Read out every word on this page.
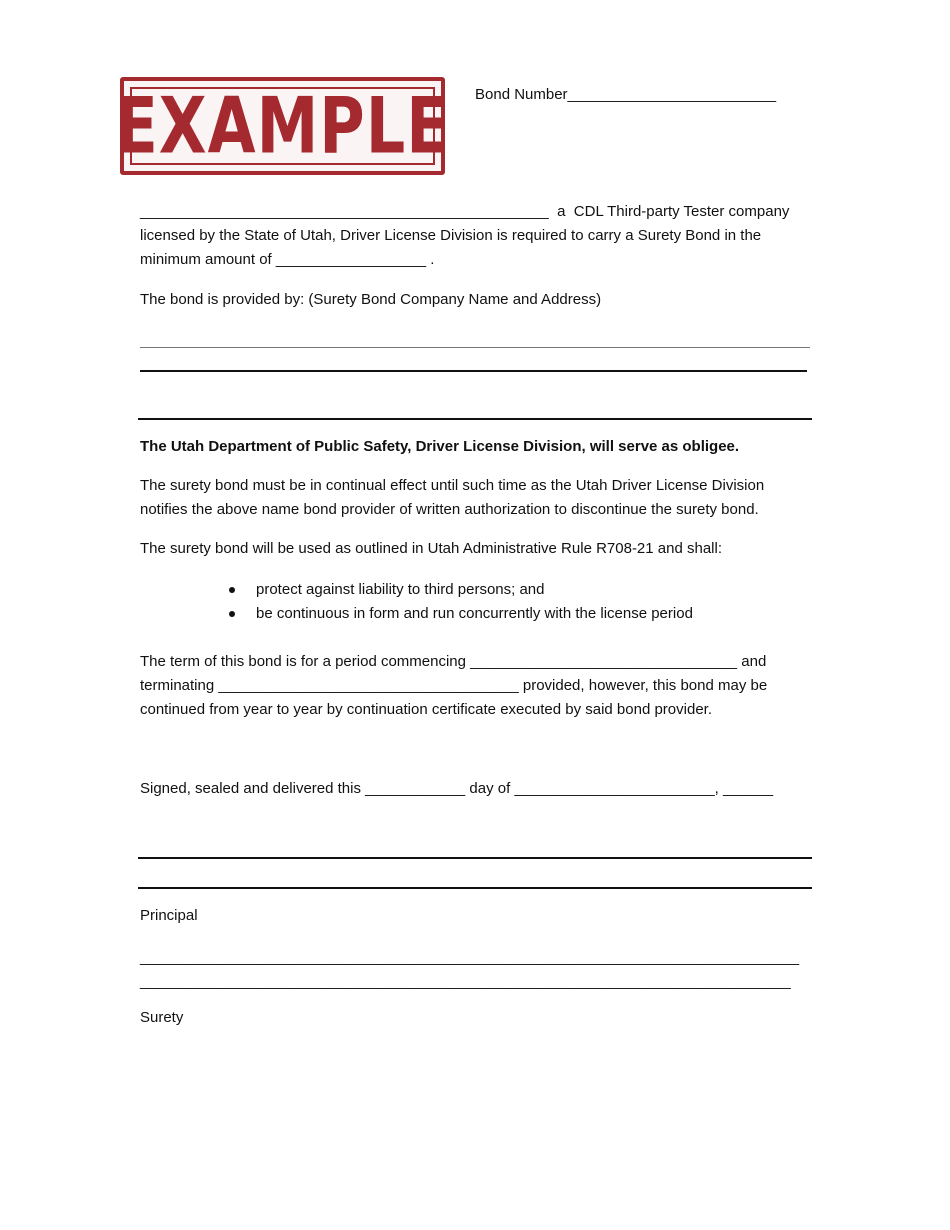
EXAMPLE Bond Number_________________________
_________________________________________________  a  CDL Third-party Tester company
licensed by the State of Utah, Driver License Division is required to carry a Surety Bond in the
minimum amount of __________________ .
The bond is provided by: (Surety Bond Company Name and Address)
The Utah Department of Public Safety, Driver License Division, will serve as obligee.
The surety bond must be in continual effect until such time as the Utah Driver License Division
notifies the above name bond provider of written authorization to discontinue the surety bond.
The surety bond will be used as outlined in Utah Administrative Rule R708-21 and shall:
protect against liability to third persons; and
be continuous in form and run concurrently with the license period
The term of this bond is for a period commencing ________________________________ and
terminating ____________________________________ provided, however, this bond may be
continued from year to year by continuation certificate executed by said bond provider.
Signed, sealed and delivered this ____________ day of ________________________, ______
Principal
_______________________________________________________________________________
______________________________________________________________________________
Surety
